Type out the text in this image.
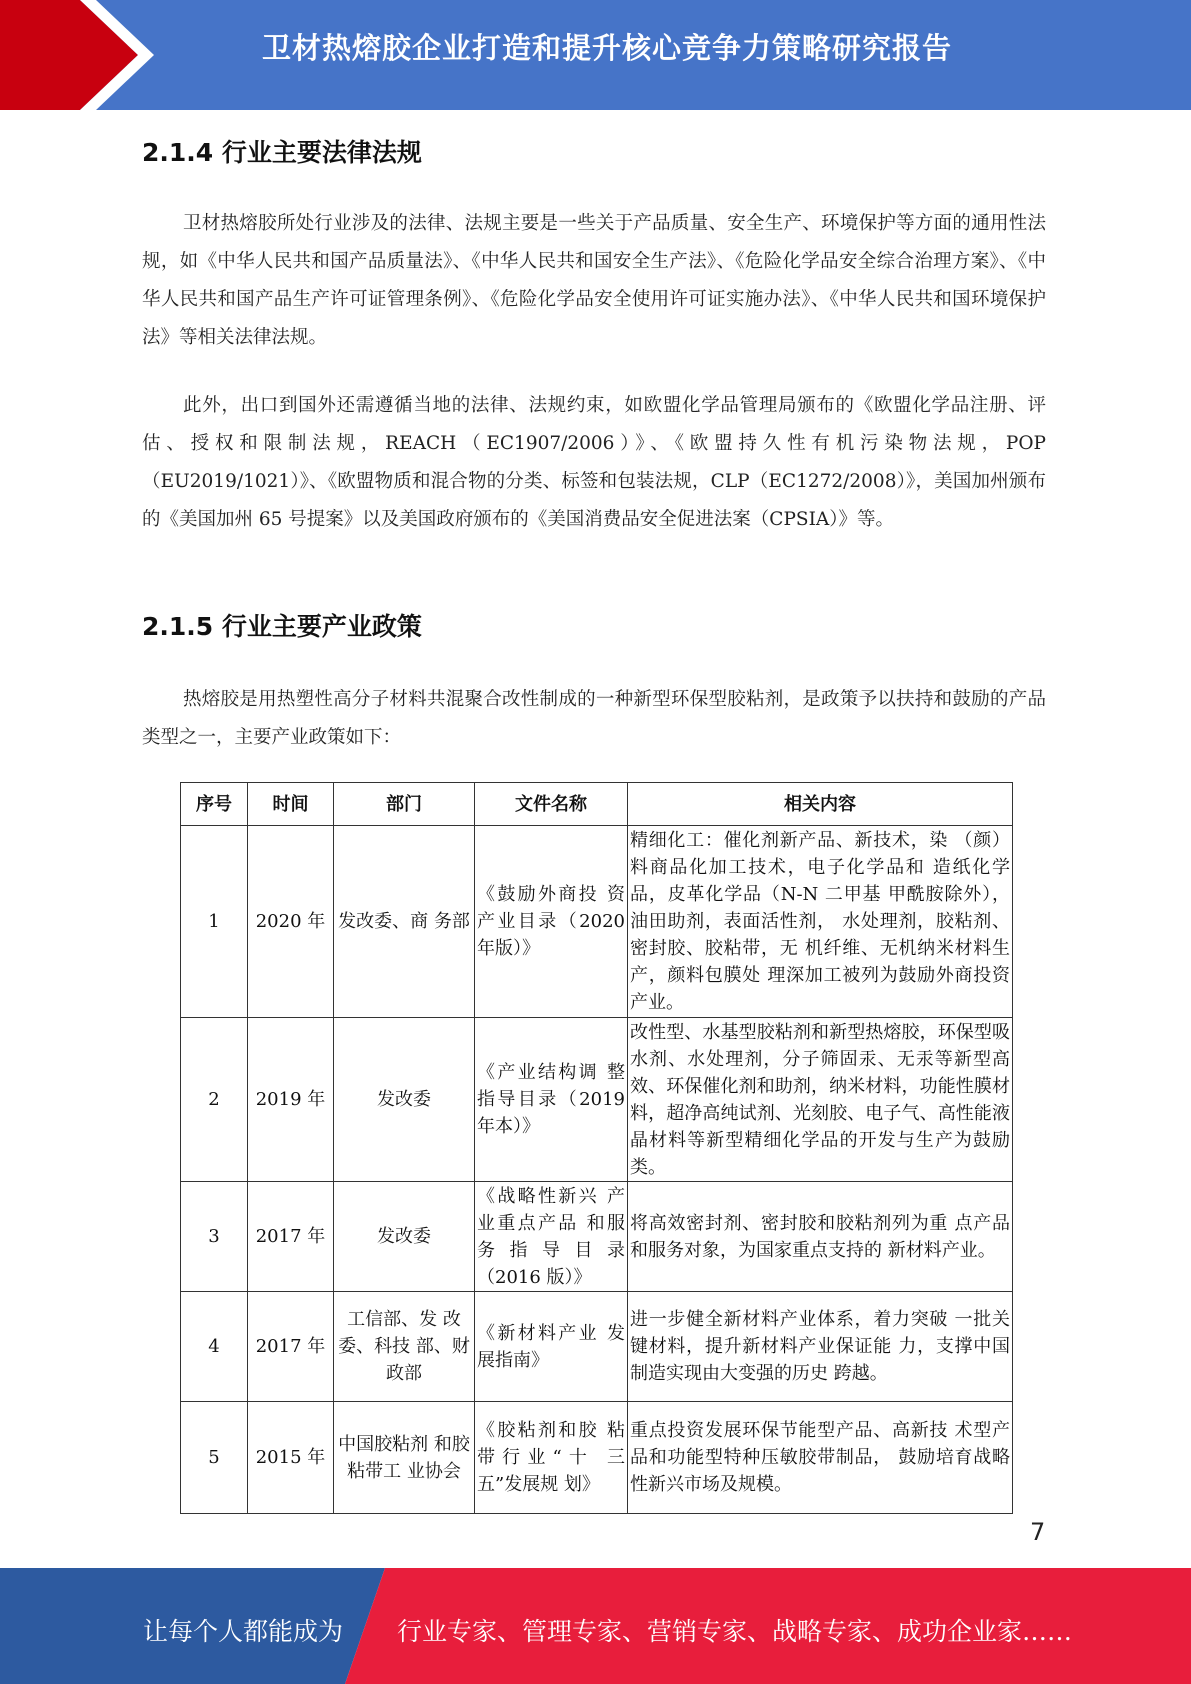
卫材热熔胶企业打造和提升核心竞争力策略研究报告
2.1.4 行业主要法律法规

卫材热熔胶所处行业涉及的法律、法规主要是一些关于产品质量、安全生产、环境保护等方面的通用性法规，如《中华人民共和国产品质量法》、《中华人民共和国安全生产法》、《危险化学品安全综合治理方案》、《中华人民共和国产品生产许可证管理条例》、《危险化学品安全使用许可证实施办法》、《中华人民共和国环境保护法》等相关法律法规。

此外，出口到国外还需遵循当地的法律、法规约束，如欧盟化学品管理局颁布的《欧盟化学品注册、评估、授权和限制法规，REACH（EC1907/2006）》、《欧盟持久性有机污染物法规，POP（EU2019/1021）》、《欧盟物质和混合物的分类、标签和包装法规，CLP（EC1272/2008）》，美国加州颁布的《美国加州 65 号提案》以及美国政府颁布的《美国消费品安全促进法案（CPSIA）》等。

2.1.5 行业主要产业政策

热熔胶是用热塑性高分子材料共混聚合改性制成的一种新型环保型胶粘剂，是政策予以扶持和鼓励的产品类型之一，主要产业政策如下：

序号	时间	部门	文件名称	相关内容
1	2020 年	发改委、商 务部	《鼓励外商投 资产业目录（2020 年版）》	精细化工：催化剂新产品、新技术，染 （颜）料商品化加工技术，电子化学品和 造纸化学品，皮革化学品（N-N 二甲基 甲酰胺除外），油田助剂，表面活性剂， 水处理剂，胶粘剂、密封胶、胶粘带，无 机纤维、无机纳米材料生产，颜料包膜处 理深加工被列为鼓励外商投资产业。
2	2019 年	发改委	《产业结构调 整指导目录（2019 年本）》	改性型、水基型胶粘剂和新型热熔胶，环保型吸水剂、水处理剂，分子筛固汞、无汞等新型高效、环保催化剂和助剂，纳米材料，功能性膜材料，超净高纯试剂、光刻胶、电子气、高性能液晶材料等新型精细化学品的开发与生产为鼓励类。
3	2017 年	发改委	《战略性新兴 产业重点产品 和服务 指 导 目 录（2016 版）》	将高效密封剂、密封胶和胶粘剂列为重 点产品和服务对象，为国家重点支持的 新材料产业。
4	2017 年	工信部、发 改委、科技 部、财政部	《新材料产业 发展指南》	进一步健全新材料产业体系，着力突破 一批关键材料，提升新材料产业保证能 力，支撑中国制造实现由大变强的历史 跨越。
5	2015 年	中国胶粘剂 和胶粘带工 业协会	《胶粘剂和胶 粘带行业“十 三五”发展规 划》	重点投资发展环保节能型产品、高新技 术型产品和功能型特种压敏胶带制品， 鼓励培育战略性新兴市场及规模。
7
让每个人都能成为 行业专家、管理专家、营销专家、战略专家、成功企业家……
